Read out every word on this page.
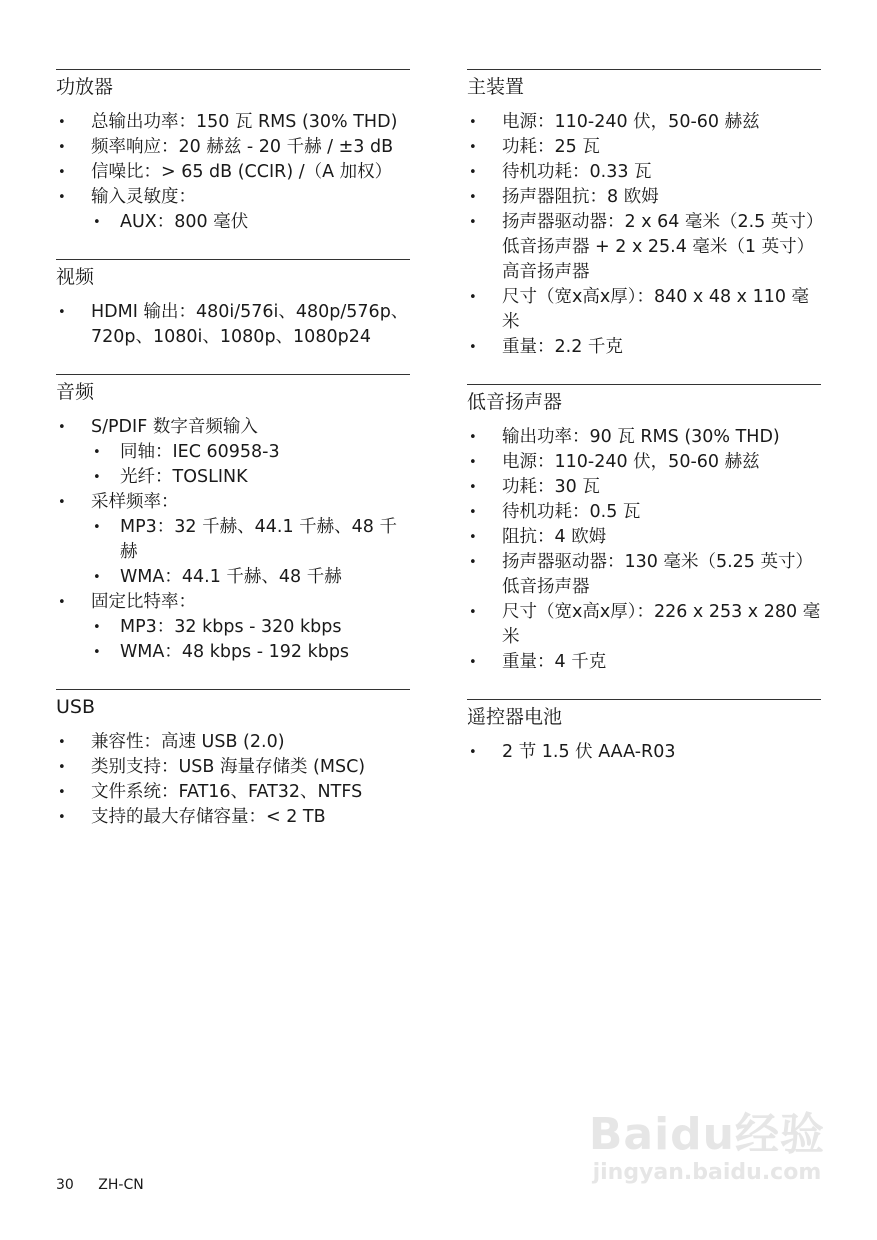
功放器
• 总输出功率：150 瓦 RMS (30% THD)
• 频率响应：20 赫兹 - 20 千赫 / ±3 dB
• 信噪比：> 65 dB (CCIR) /（A 加权）
• 输入灵敏度：
• AUX：800 毫伏
视频
• HDMI 输出：480i/576i、480p/576p、720p、1080i、1080p、1080p24
音频
• S/PDIF 数字音频输入
• 同轴：IEC 60958-3
• 光纤：TOSLINK
• 采样频率：
• MP3：32 千赫、44.1 千赫、48 千赫
• WMA：44.1 千赫、48 千赫
• 固定比特率：
• MP3：32 kbps - 320 kbps
• WMA：48 kbps - 192 kbps
USB
• 兼容性：高速 USB (2.0)
• 类别支持：USB 海量存储类 (MSC)
• 文件系统：FAT16、FAT32、NTFS
• 支持的最大存储容量：< 2 TB
主装置
• 电源：110-240 伏，50-60 赫兹
• 功耗：25 瓦
• 待机功耗：0.33 瓦
• 扬声器阻抗：8 欧姆
• 扬声器驱动器：2 x 64 毫米（2.5 英寸）低音扬声器 + 2 x 25.4 毫米（1 英寸）高音扬声器
• 尺寸（宽x高x厚）：840 x 48 x 110 毫米
• 重量：2.2 千克
低音扬声器
• 输出功率：90 瓦 RMS (30% THD)
• 电源：110-240 伏，50-60 赫兹
• 功耗：30 瓦
• 待机功耗：0.5 瓦
• 阻抗：4 欧姆
• 扬声器驱动器：130 毫米（5.25 英寸）低音扬声器
• 尺寸（宽x高x厚）：226 x 253 x 280 毫米
• 重量：4 千克
遥控器电池
• 2 节 1.5 伏 AAA-R03
30 ZH-CN
Baidu经验
jingyan.baidu.com
